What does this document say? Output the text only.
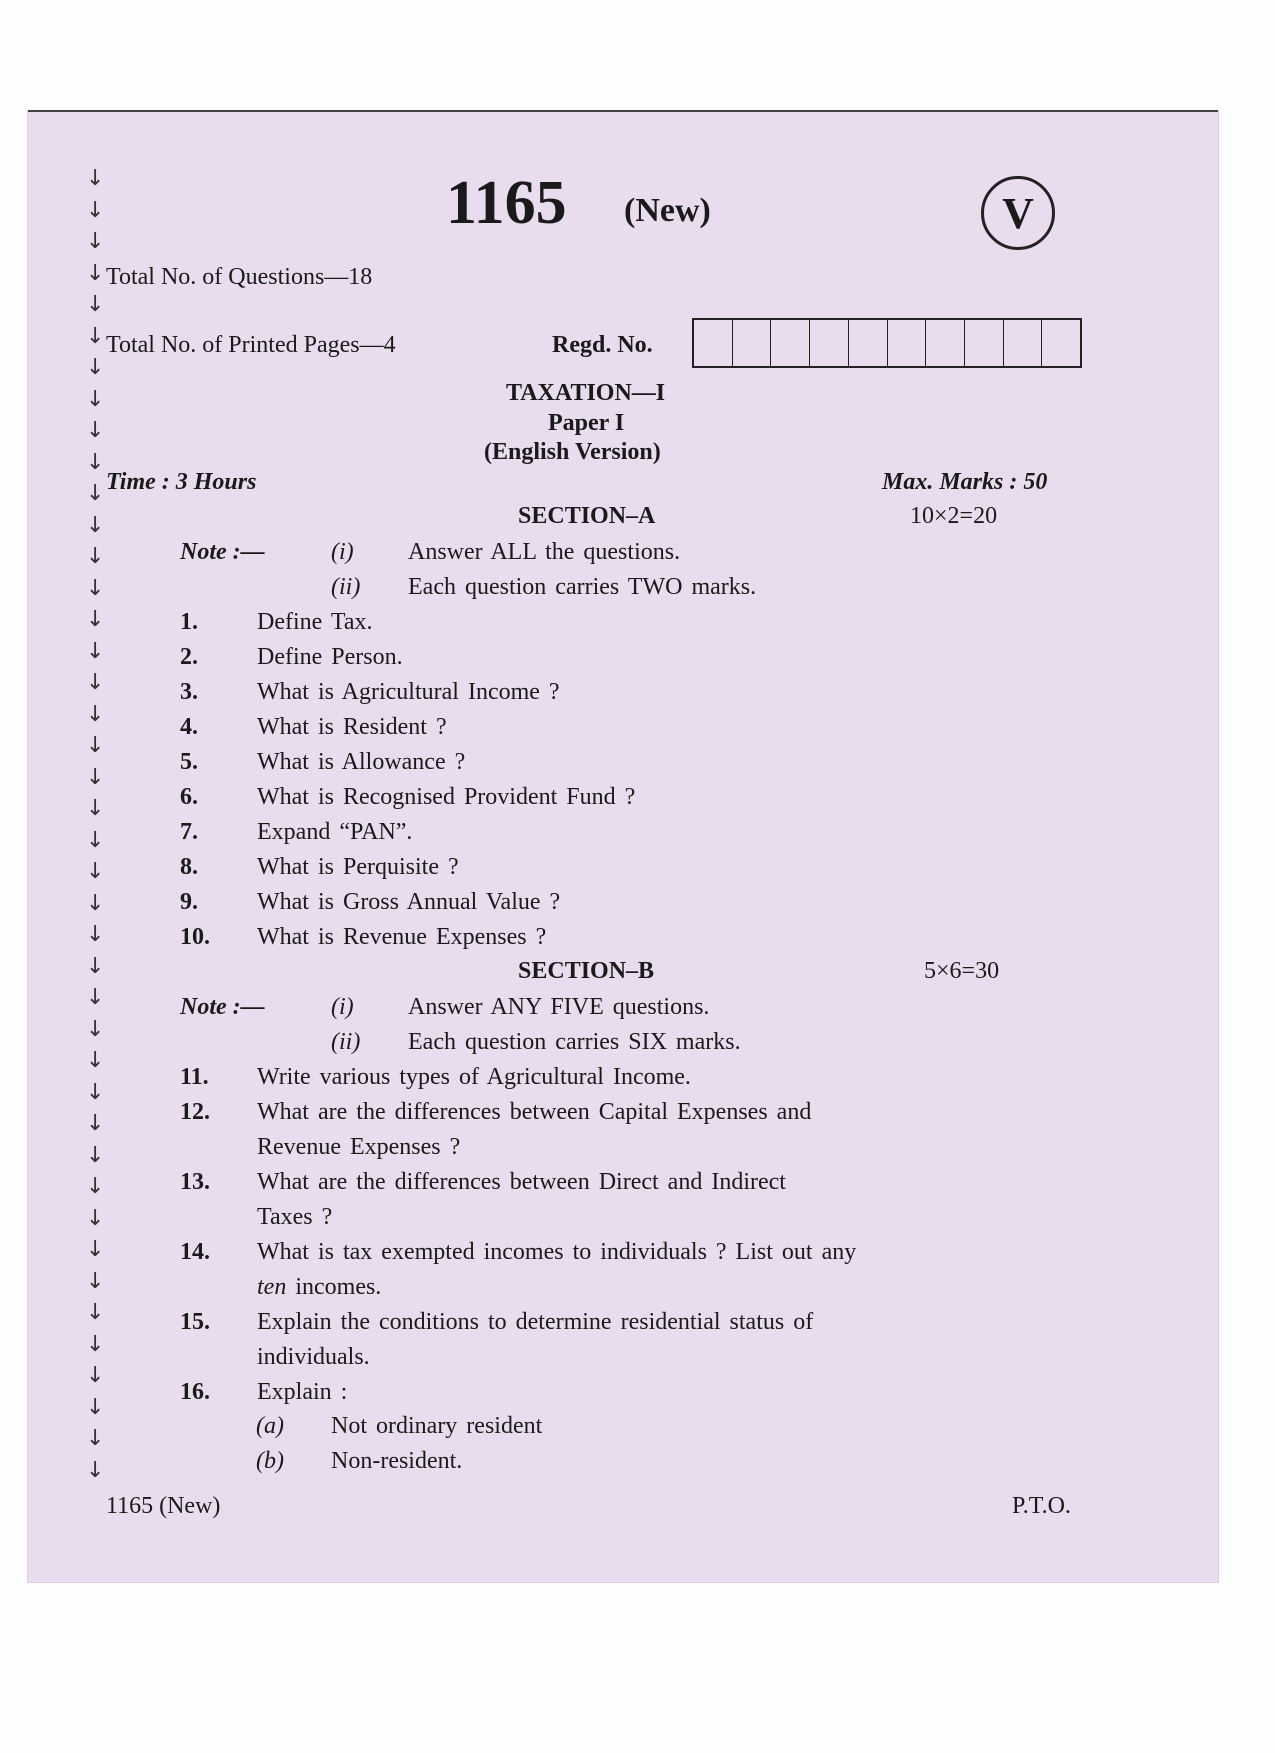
↓
↓
↓
↓
↓
↓
↓
↓
↓
↓
↓
↓
↓
↓
↓
↓
↓
↓
↓
↓
↓
↓
↓
↓
↓
↓
↓
↓
↓
↓
↓
↓
↓
↓
↓
↓
↓
↓
↓
↓
↓
↓
1165 (New)	V
Total No. of Questions—18
Total No. of Printed Pages—4	Regd. No.
TAXATION—I
Paper I
(English Version)
Time : 3 Hours	Max. Marks : 50
SECTION–A	10×2=20
Note :—	(i) Answer ALL the questions.
(ii) Each question carries TWO marks.
1. Define Tax.
2. Define Person.
3. What is Agricultural Income ?
4. What is Resident ?
5. What is Allowance ?
6. What is Recognised Provident Fund ?
7. Expand “PAN”.
8. What is Perquisite ?
9. What is Gross Annual Value ?
10. What is Revenue Expenses ?
SECTION–B	5×6=30
Note :—	(i) Answer ANY FIVE questions.
(ii) Each question carries SIX marks.
11. Write various types of Agricultural Income.
12. What are the differences between Capital Expenses and
Revenue Expenses ?
13. What are the differences between Direct and Indirect
Taxes ?
14. What is tax exempted incomes to individuals ? List out any
ten incomes.
15. Explain the conditions to determine residential status of
individuals.
16. Explain :
(a) Not ordinary resident
(b) Non-resident.
1165 (New)	P.T.O.
